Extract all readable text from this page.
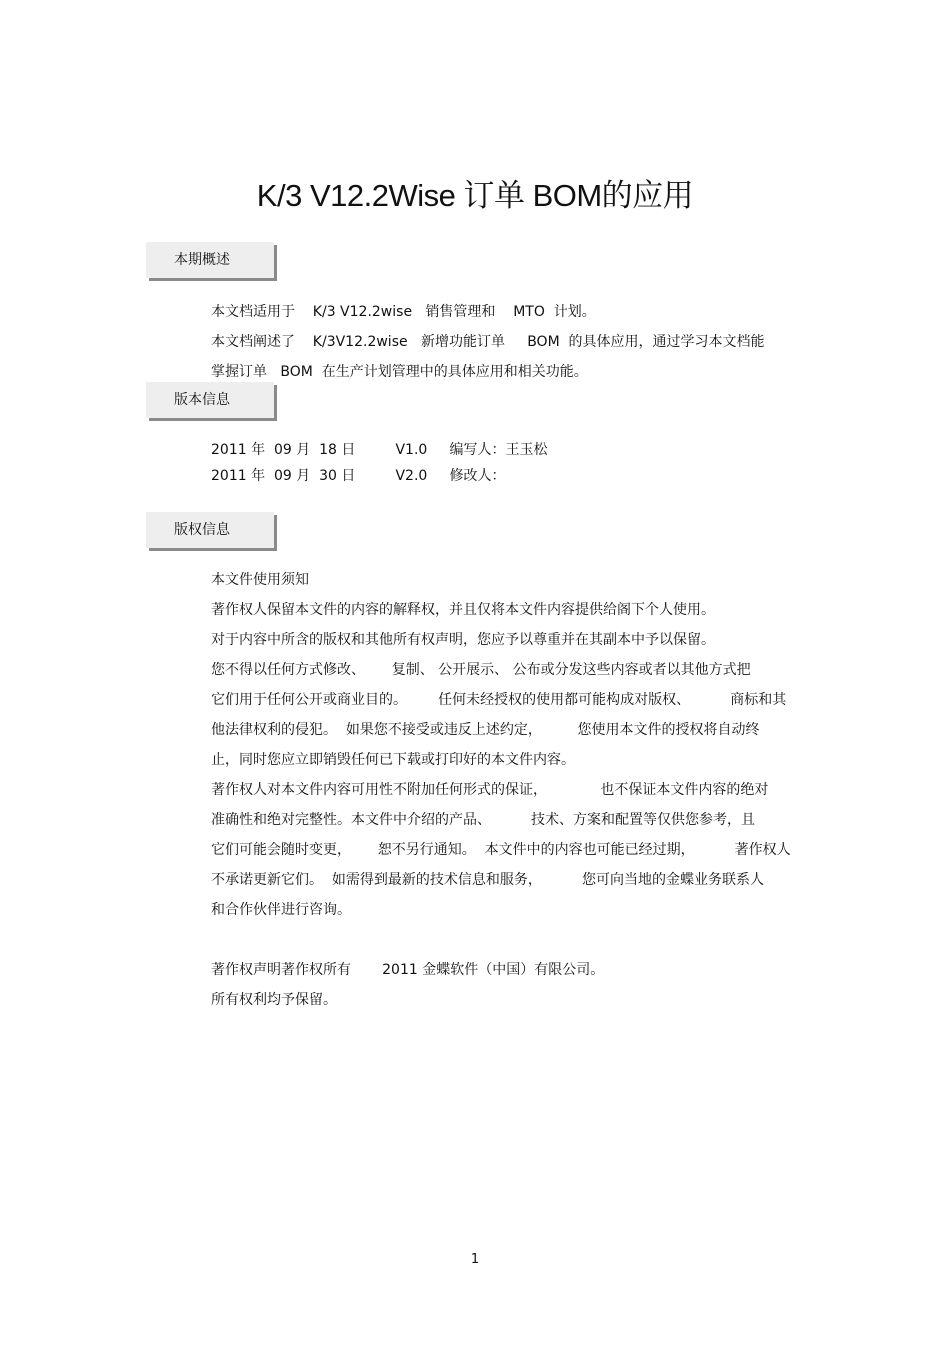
K/3 V12.2Wise 订单 BOM的应用
本期概述

本文档适用于    K/3 V12.2wise   销售管理和    MTO  计划。

本文档阐述了    K/3V12.2wise   新增功能订单     BOM  的具体应用，通过学习本文档能

掌握订单   BOM  在生产计划管理中的具体应用和相关功能。

版本信息

2011 年  09 月  18 日         V1.0     编写人：王玉松

2011 年  09 月  30 日         V2.0     修改人：

版权信息

本文件使用须知

著作权人保留本文件的内容的解释权，并且仅将本文件内容提供给阁下个人使用。

对于内容中所含的版权和其他所有权声明，您应予以尊重并在其副本中予以保留。

您不得以任何方式修改、      复制、 公开展示、 公布或分发这些内容或者以其他方式把

它们用于任何公开或商业目的。       任何未经授权的使用都可能构成对版权、         商标和其

他法律权利的侵犯。  如果您不接受或违反上述约定，        您使用本文件的授权将自动终

止，同时您应立即销毁任何已下载或打印好的本文件内容。

著作权人对本文件内容可用性不附加任何形式的保证，            也不保证本文件内容的绝对

准确性和绝对完整性。本文件中介绍的产品、         技术、方案和配置等仅供您参考，且

它们可能会随时变更，      恕不另行通知。  本文件中的内容也可能已经过期，         著作权人

不承诺更新它们。  如需得到最新的技术信息和服务，         您可向当地的金蝶业务联系人

和合作伙伴进行咨询。

著作权声明著作权所有       2011 金蝶软件（中国）有限公司。

所有权利均予保留。

1
